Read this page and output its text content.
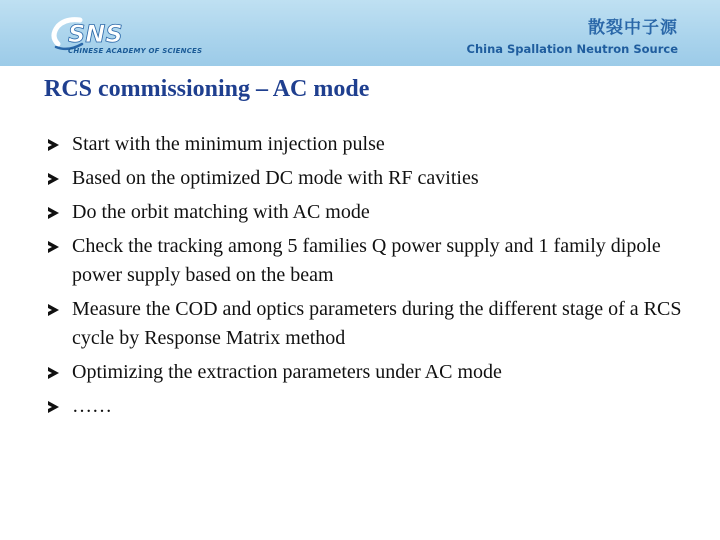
SNS
CHINESE ACADEMY OF SCIENCES
散裂中子源
China Spallation Neutron Source
RCS commissioning – AC mode
Start with the minimum injection pulse
Based on the optimized DC mode with RF cavities
Do the orbit matching with AC mode
Check the tracking among 5 families Q power supply and 1 family dipole power supply based on the beam
Measure the COD and optics parameters during the different stage of a RCS cycle by Response Matrix method
Optimizing the extraction parameters under AC mode
……
